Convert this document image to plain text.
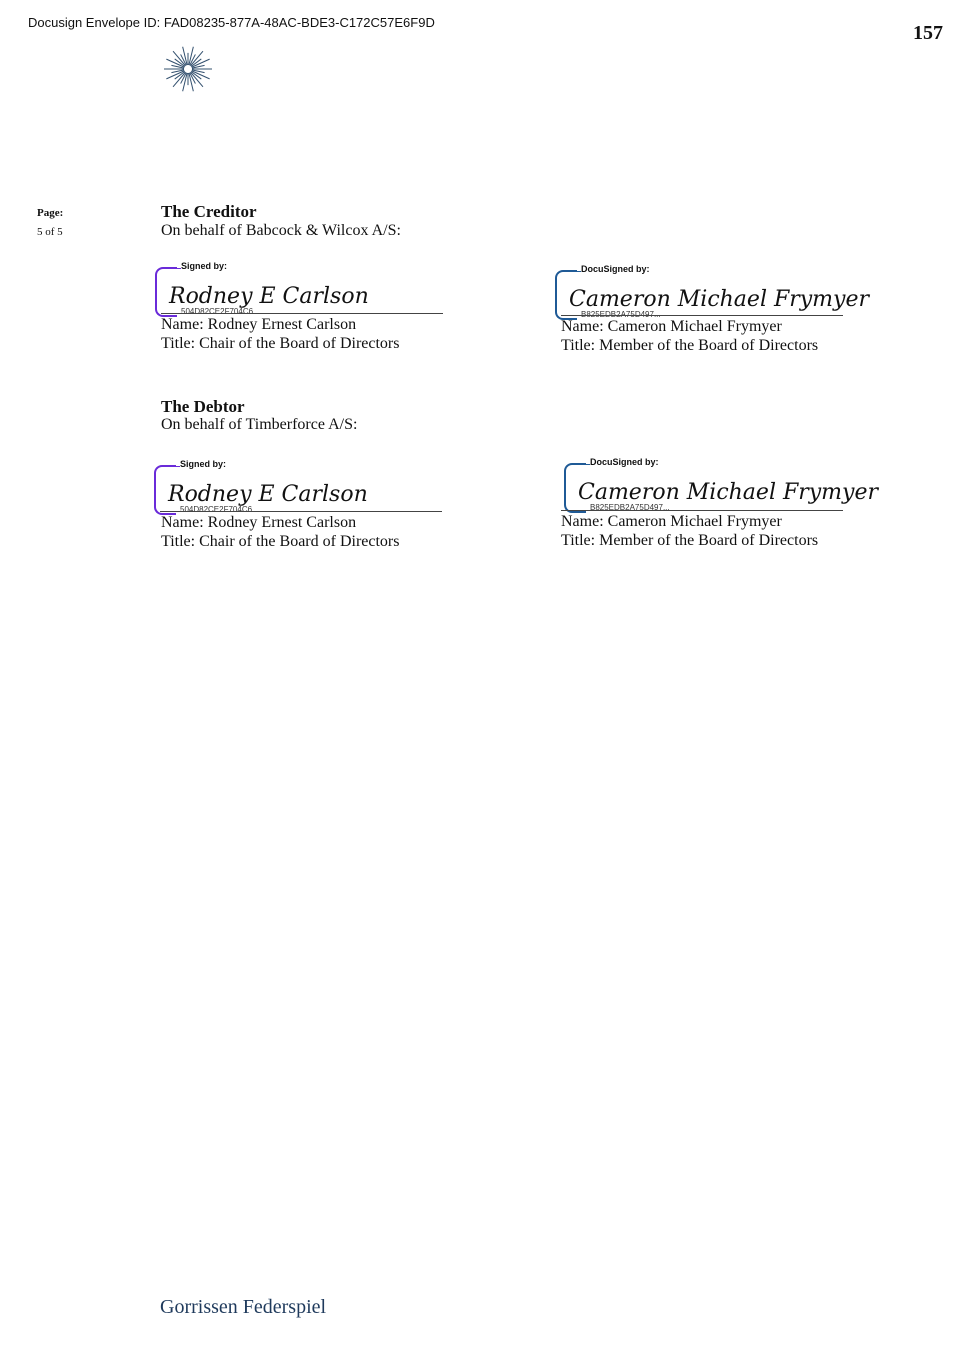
Docusign Envelope ID: FAD08235-877A-48AC-BDE3-C172C57E6F9D	157
Page:
5 of 5
The Creditor
On behalf of Babcock & Wilcox A/S:
Signed by:
Rodney E Carlson
504D82CE2F704C6...
Name: Rodney Ernest Carlson
Title: Chair of the Board of Directors
DocuSigned by:
Cameron Michael Frymyer
B825EDB2A75D497...
Name: Cameron Michael Frymyer
Title: Member of the Board of Directors
The Debtor
On behalf of Timberforce A/S:
Signed by:
Rodney E Carlson
504D82CE2F704C6...
Name: Rodney Ernest Carlson
Title: Chair of the Board of Directors
DocuSigned by:
Cameron Michael Frymyer
B825EDB2A75D497...
Name: Cameron Michael Frymyer
Title: Member of the Board of Directors
Gorrissen Federspiel
